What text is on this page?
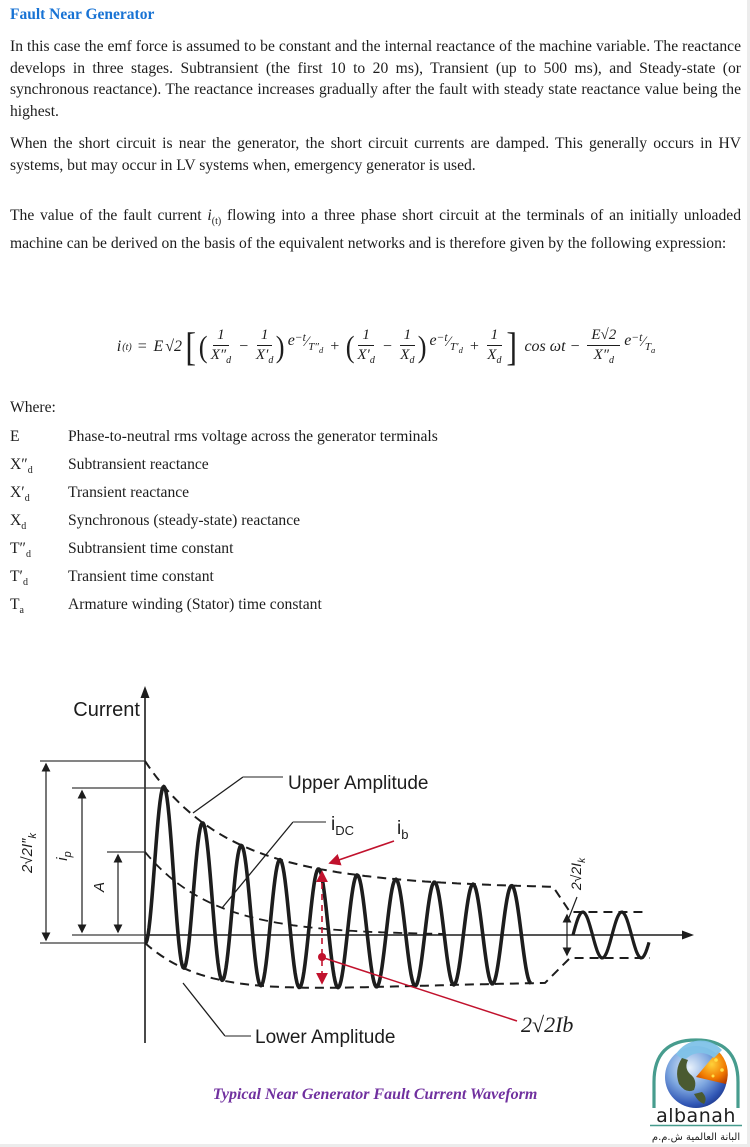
Fault Near Generator

In this case the emf force is assumed to be constant and the internal reactance of the machine variable. The reactance develops in three stages. Subtransient (the first 10 to 20 ms), Transient (up to 500 ms), and Steady-state (or synchronous reactance). The reactance increases gradually after the fault with steady state reactance value being the highest.

When the short circuit is near the generator, the short circuit currents are damped. This generally occurs in HV systems, but may occur in LV systems when, emergency generator is used.

The value of the fault current $i_{(t)}$ flowing into a three phase short circuit at the terminals of an initially unloaded machine can be derived on the basis of the equivalent networks and is therefore given by the following expression:

i (t) = E √2 [ ( $\frac{1}{X''_d} - \frac{1}{X'_d}$ ) $e^{-t}⁄_{T''_d}$ + ( $\frac{1}{X'_d} - \frac{1}{X_d}$ ) $e^{-t}⁄_{T'_d} + \frac{1}{X_d}$ ] $\cos \omega t - \frac{E√2}{X''_d}$ $e^{-t}⁄_{T_a}$
Where:
E	Phase-to-neutral rms voltage across the generator terminals
$X''_d$	Subtransient reactance
$X'_d$	Transient reactance
$X_d$	Synchronous (steady-state) reactance
$T''_d$	Subtransient time constant
$T'_d$	Transient time constant
$T_a$	Armature winding (Stator) time constant
Current
Upper Amplitude
$i_{DC}$ $i_b$
Lower Amplitude
$2√2I''_k$
$i_p$
A	$2√2I_k$
2√2Ib
Typical Near Generator Fault Current Waveform
albanah
البانة العالمية ش.م.م
